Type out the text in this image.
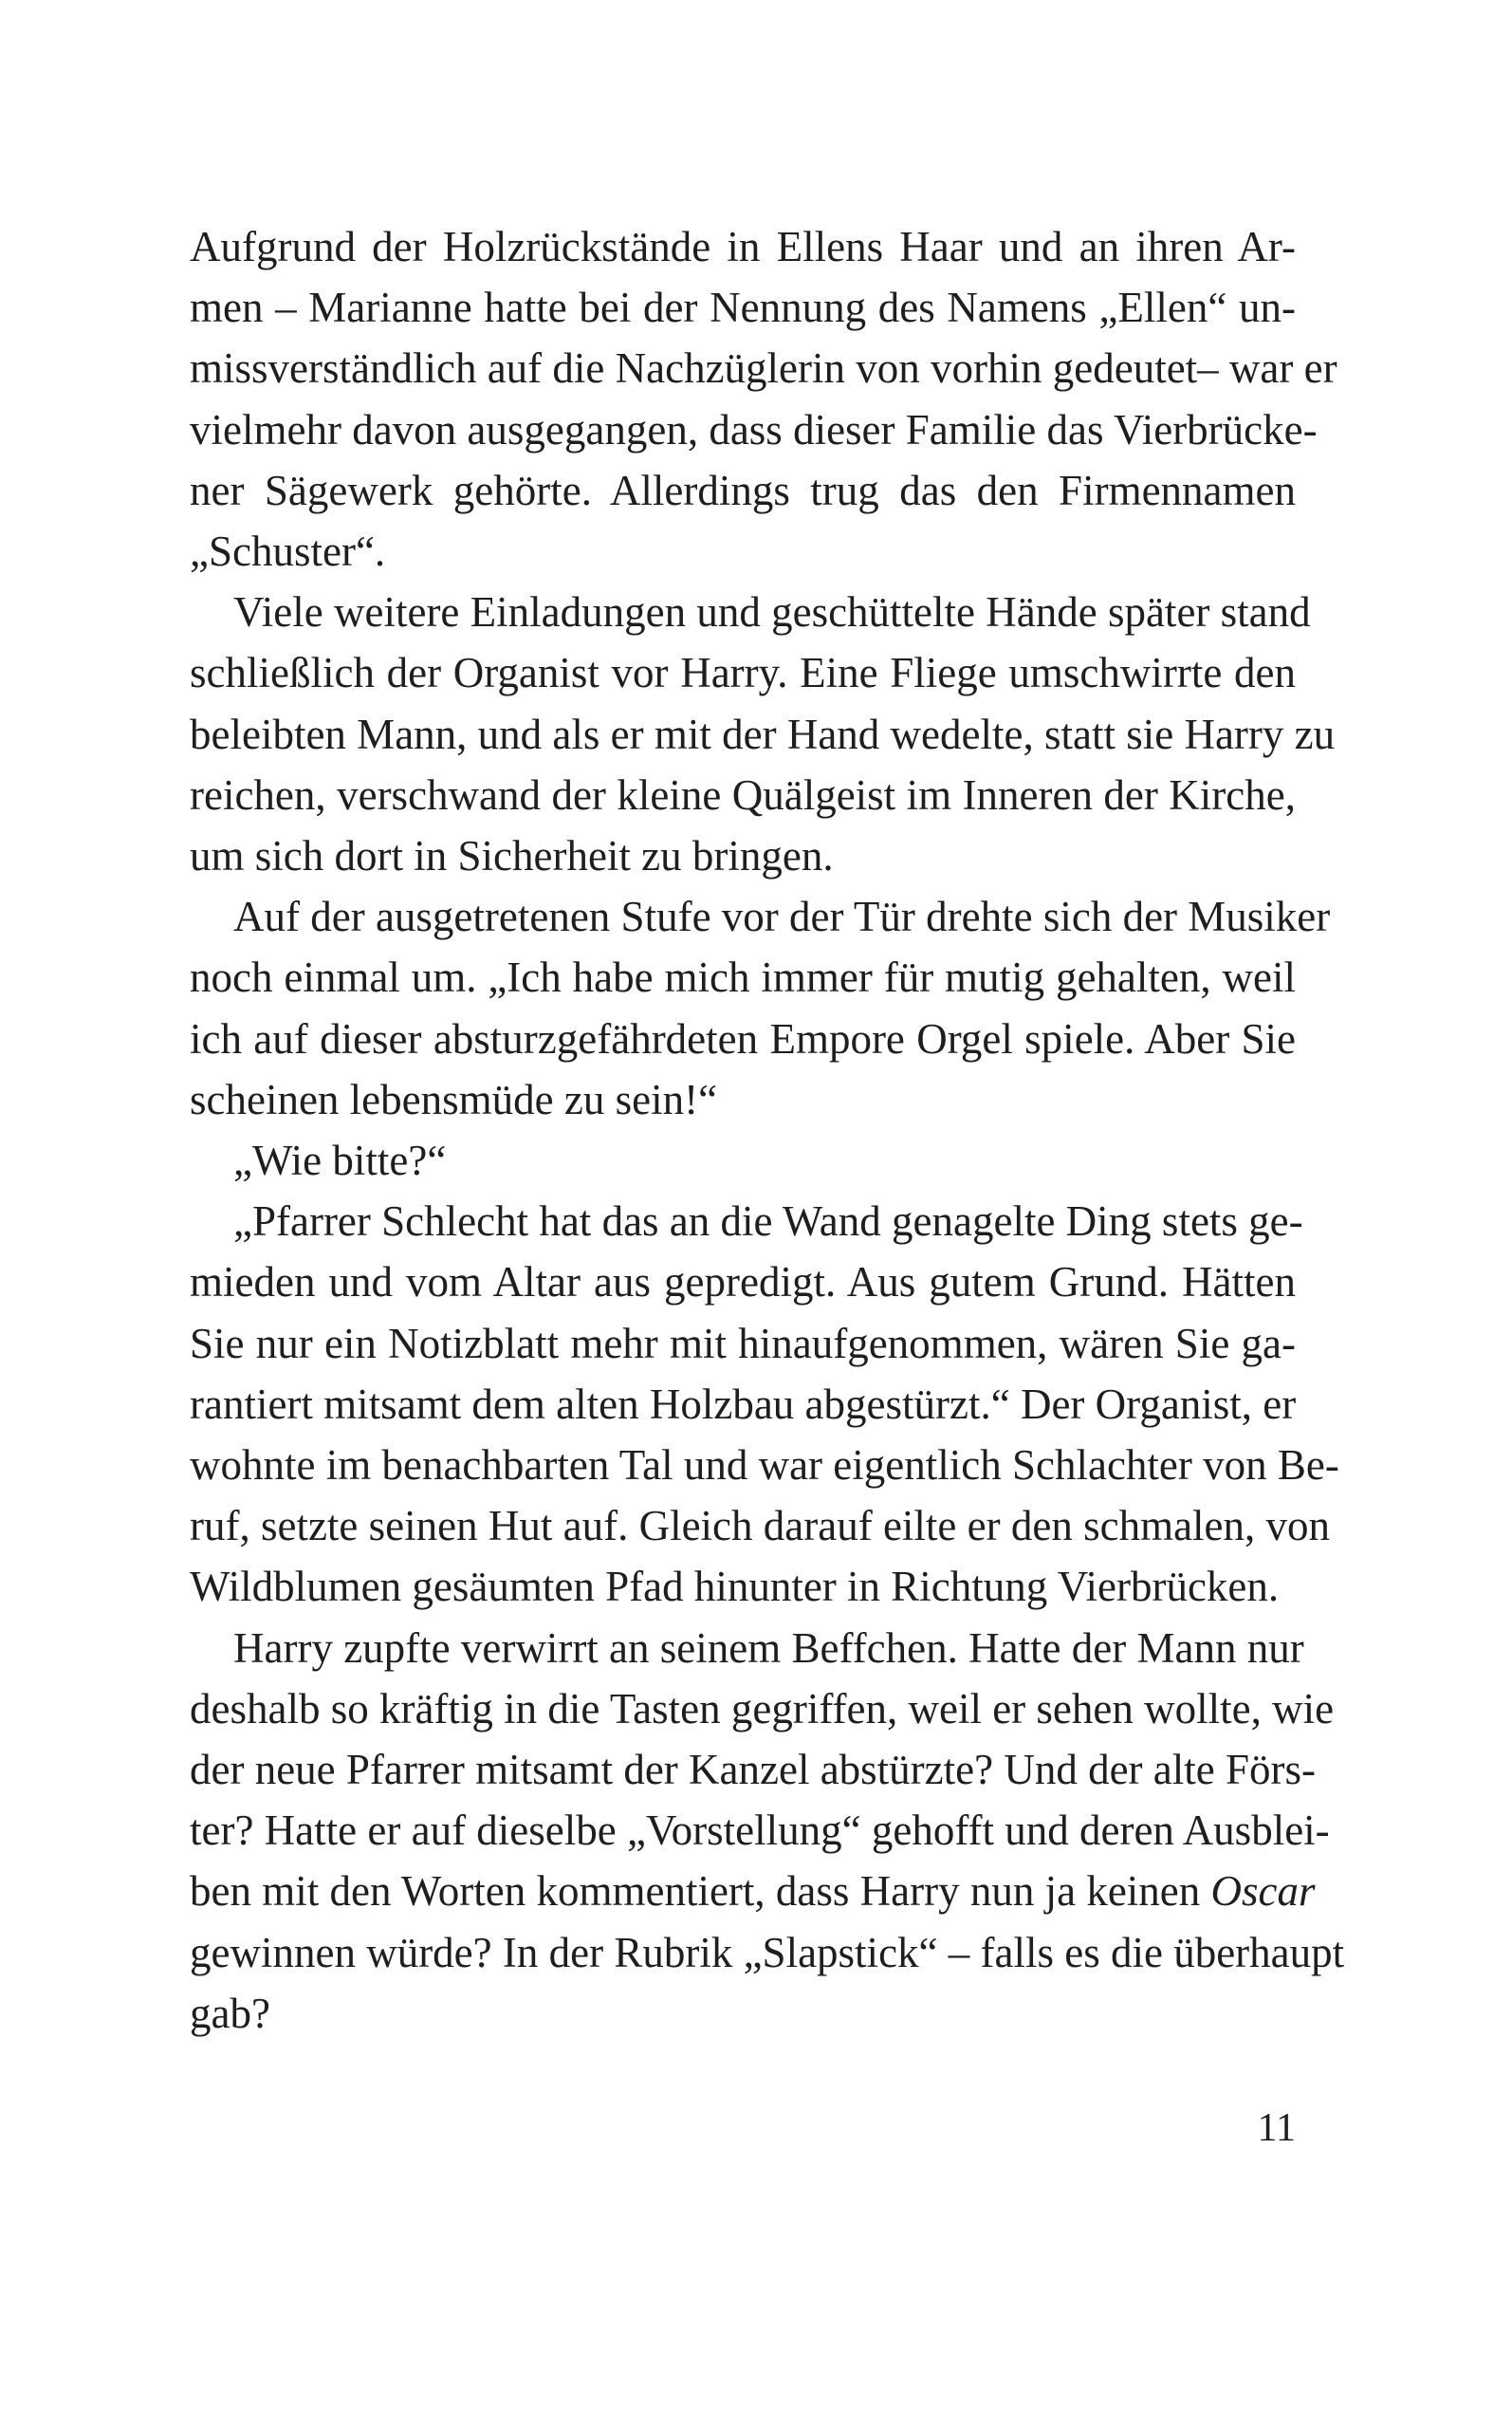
Aufgrund der Holzrückstände in Ellens Haar und an ihren Ar-
men – Marianne hatte bei der Nennung des Namens „Ellen“ un-
missverständlich auf die Nachzüglerin von vorhin gedeutet– war er
vielmehr davon ausgegangen, dass dieser Familie das Vierbrücke-
ner Sägewerk gehörte. Allerdings trug das den Firmennamen
„Schuster“.

Viele weitere Einladungen und geschüttelte Hände später stand
schließlich der Organist vor Harry. Eine Fliege umschwirrte den
beleibten Mann, und als er mit der Hand wedelte, statt sie Harry zu
reichen, verschwand der kleine Quälgeist im Inneren der Kirche,
um sich dort in Sicherheit zu bringen.

Auf der ausgetretenen Stufe vor der Tür drehte sich der Musiker
noch einmal um. „Ich habe mich immer für mutig gehalten, weil
ich auf dieser absturzgefährdeten Empore Orgel spiele. Aber Sie
scheinen lebensmüde zu sein!“

„Wie bitte?“

„Pfarrer Schlecht hat das an die Wand genagelte Ding stets ge-
mieden und vom Altar aus gepredigt. Aus gutem Grund. Hätten
Sie nur ein Notizblatt mehr mit hinaufgenommen, wären Sie ga-
rantiert mitsamt dem alten Holzbau abgestürzt.“ Der Organist, er
wohnte im benachbarten Tal und war eigentlich Schlachter von Be-
ruf, setzte seinen Hut auf. Gleich darauf eilte er den schmalen, von
Wildblumen gesäumten Pfad hinunter in Richtung Vierbrücken.

Harry zupfte verwirrt an seinem Beffchen. Hatte der Mann nur
deshalb so kräftig in die Tasten gegriffen, weil er sehen wollte, wie
der neue Pfarrer mitsamt der Kanzel abstürzte? Und der alte Förs-
ter? Hatte er auf dieselbe „Vorstellung“ gehofft und deren Ausblei-
ben mit den Worten kommentiert, dass Harry nun ja keinen Oscar
gewinnen würde? In der Rubrik „Slapstick“ – falls es die überhaupt
gab?

11
